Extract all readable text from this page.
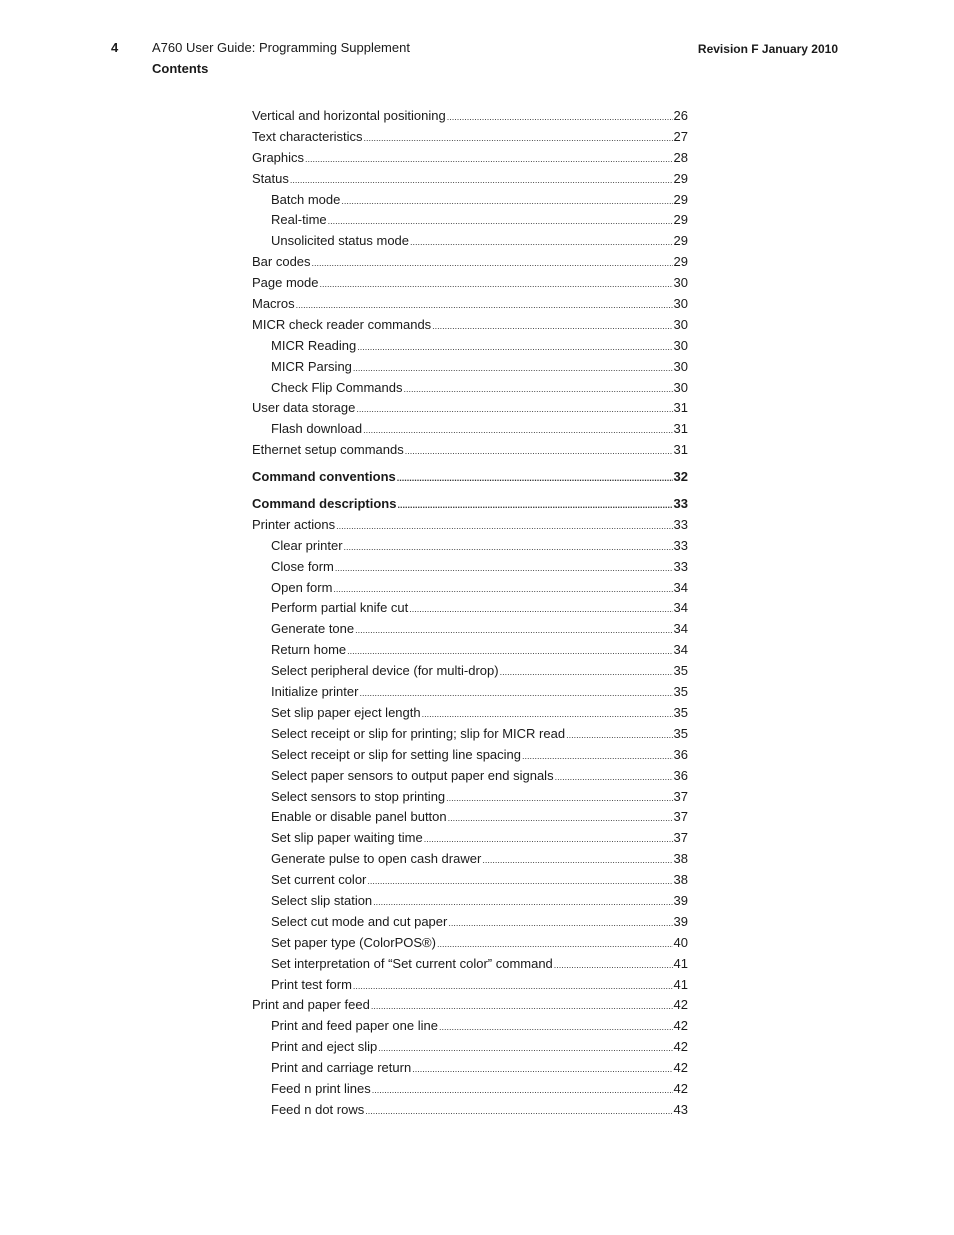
4	A760 User Guide: Programming Supplement
Contents
Revision F January 2010
Vertical and horizontal positioning .....	26
Text characteristics .....	27
Graphics .....	28
Status .....	29
Batch mode .....	29
Real-time .....	29
Unsolicited status mode .....	29
Bar codes .....	29
Page mode .....	30
Macros .....	30
MICR check reader commands .....	30
MICR Reading .....	30
MICR Parsing .....	30
Check Flip Commands .....	30
User data storage .....	31
Flash download .....	31
Ethernet setup commands .....	31
Command conventions .....	32
Command descriptions .....	33
Printer actions .....	33
Clear printer .....	33
Close form .....	33
Open form .....	34
Perform partial knife cut .....	34
Generate tone .....	34
Return home .....	34
Select peripheral device (for multi-drop) .....	35
Initialize printer .....	35
Set slip paper eject length .....	35
Select receipt or slip for printing; slip for MICR read .....	35
Select receipt or slip for setting line spacing .....	36
Select paper sensors to output paper end signals .....	36
Select sensors to stop printing .....	37
Enable or disable panel button .....	37
Set slip paper waiting time .....	37
Generate pulse to open cash drawer .....	38
Set current color .....	38
Select slip station .....	39
Select cut mode and cut paper .....	39
Set paper type (ColorPOS®) .....	40
Set interpretation of “Set current color” command .....	41
Print test form .....	41
Print and paper feed .....	42
Print and feed paper one line .....	42
Print and eject slip .....	42
Print and carriage return .....	42
Feed n print lines .....	42
Feed n dot rows .....	43
